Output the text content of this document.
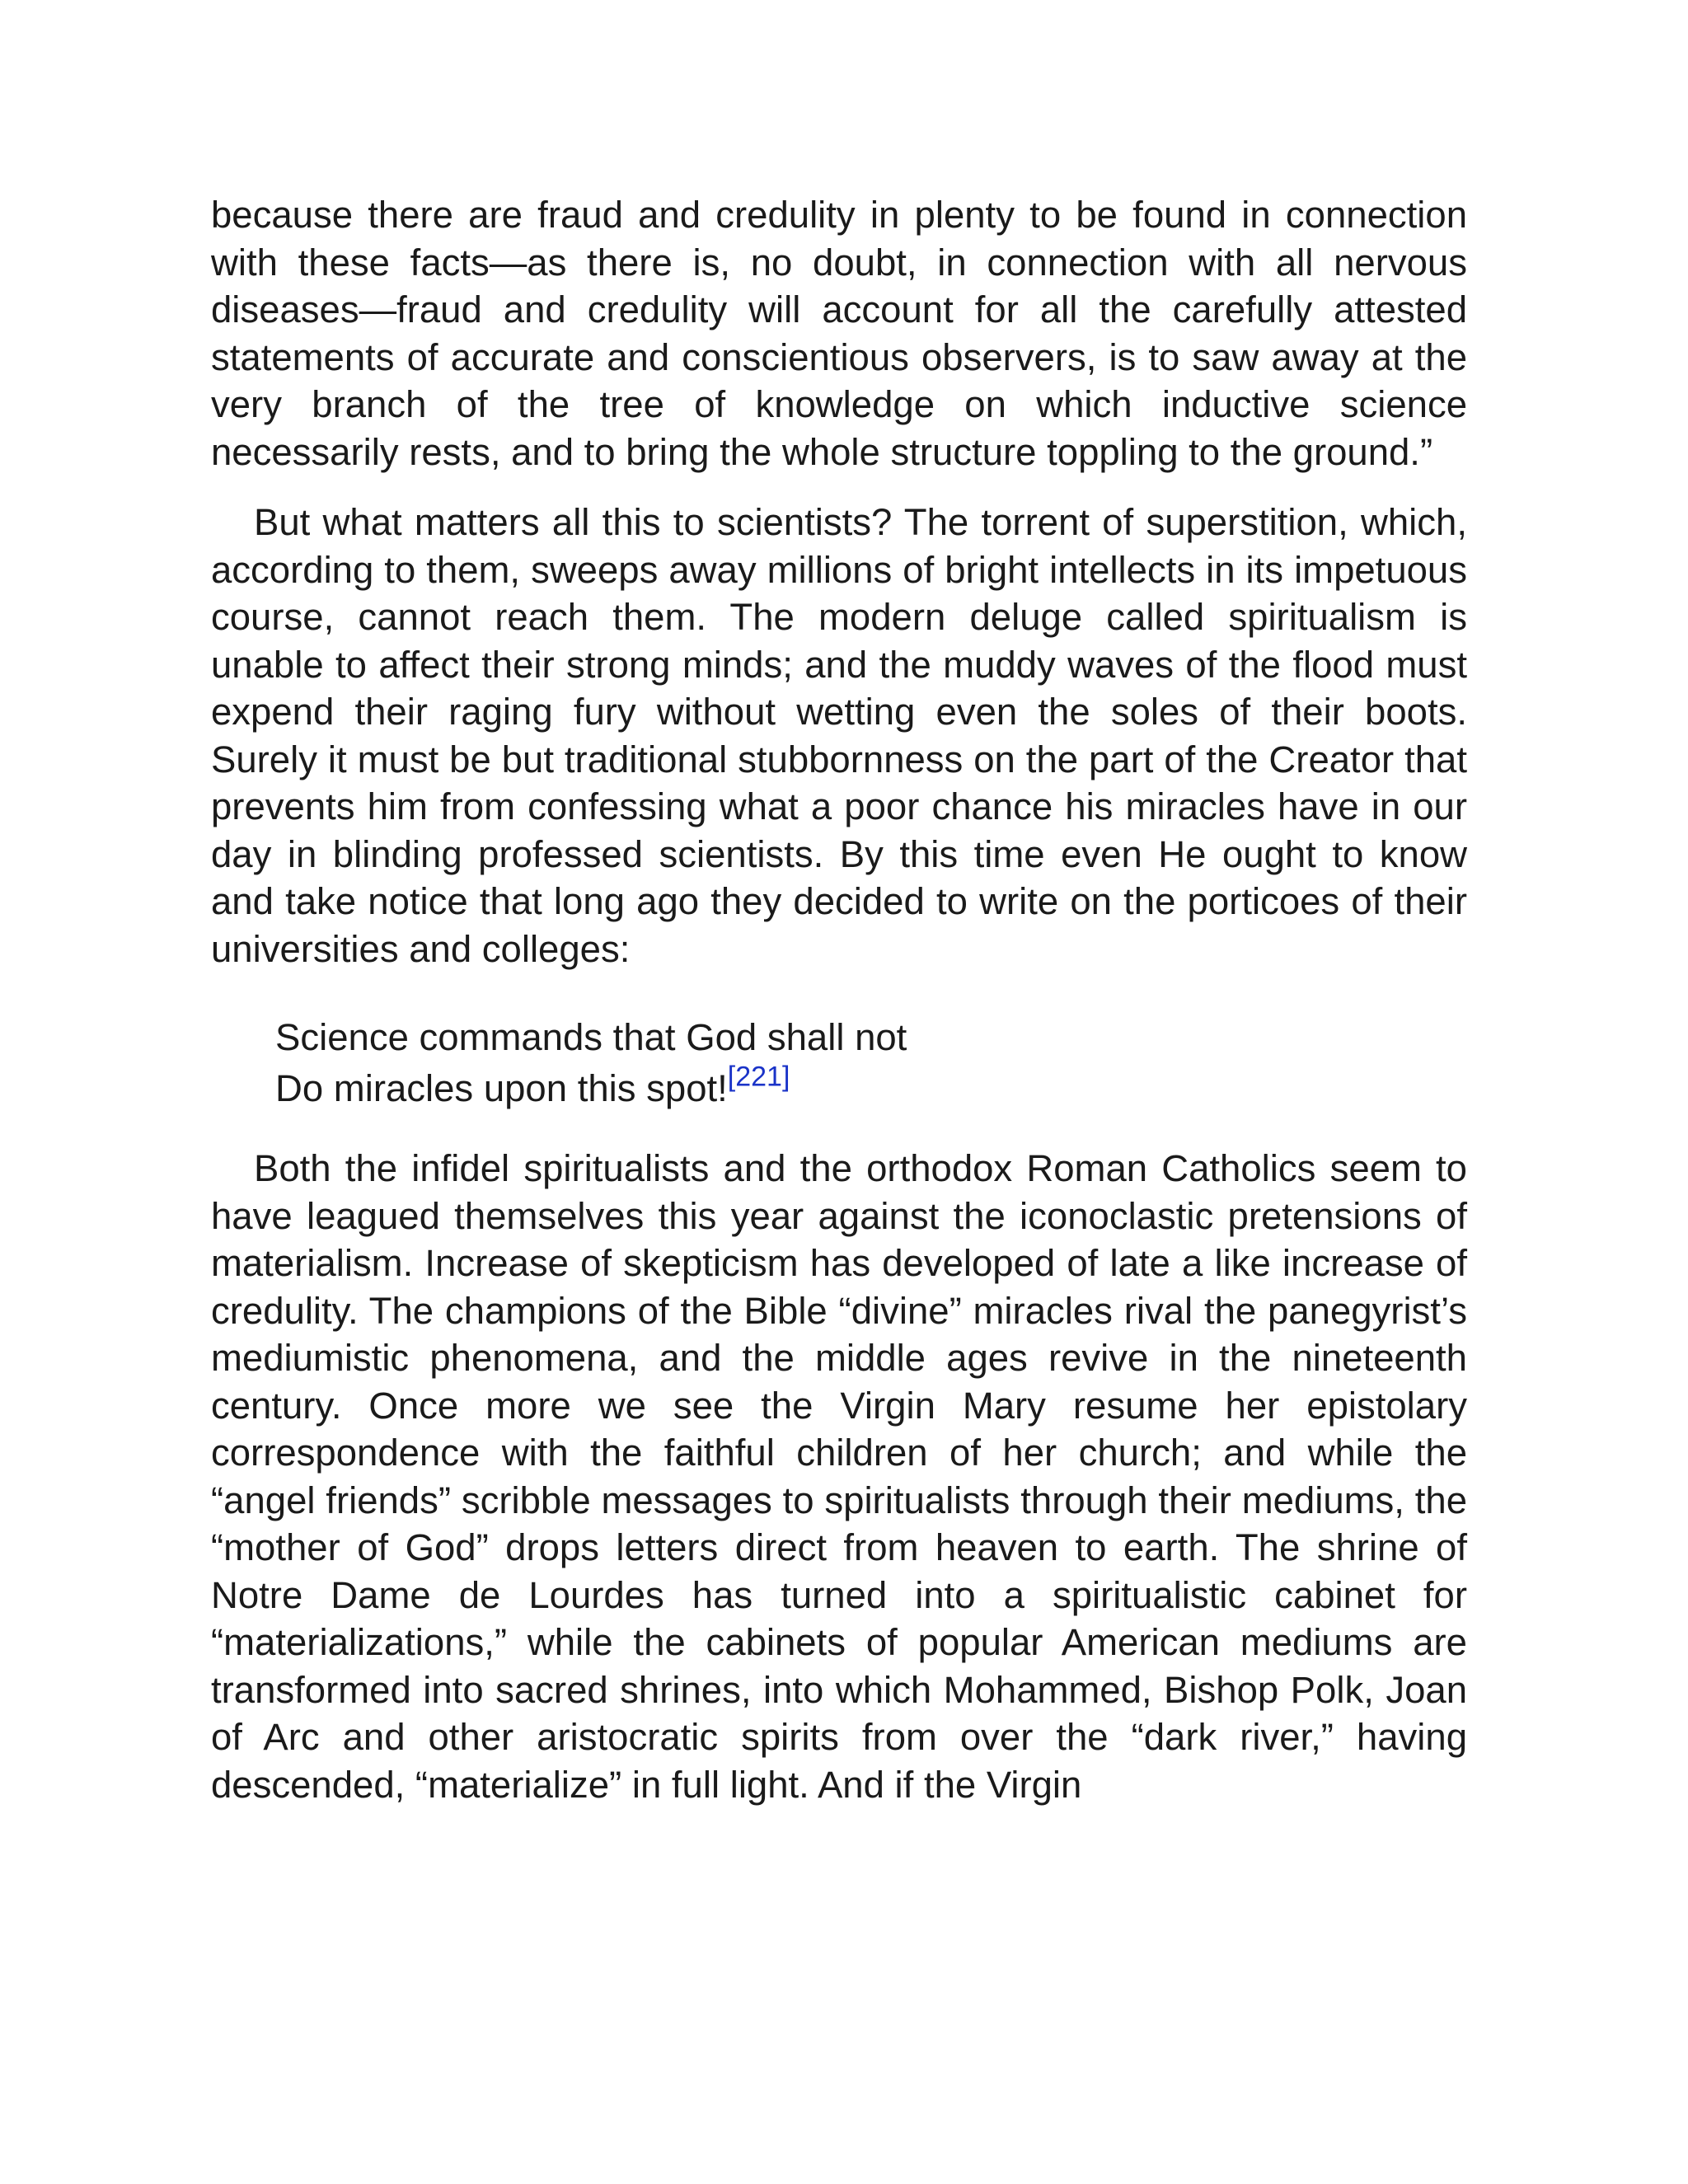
because there are fraud and credulity in plenty to be found in connection with these facts—as there is, no doubt, in connection with all nervous diseases—fraud and credulity will account for all the carefully attested statements of accurate and conscientious observers, is to saw away at the very branch of the tree of knowledge on which inductive science necessarily rests, and to bring the whole structure toppling to the ground.”

But what matters all this to scientists? The torrent of superstition, which, according to them, sweeps away millions of bright intellects in its impetuous course, cannot reach them. The modern deluge called spiritualism is unable to affect their strong minds; and the muddy waves of the flood must expend their raging fury without wetting even the soles of their boots. Surely it must be but traditional stubbornness on the part of the Creator that prevents him from confessing what a poor chance his miracles have in our day in blinding professed scientists. By this time even He ought to know and take notice that long ago they decided to write on the porticoes of their universities and colleges:

Science commands that God shall not
Do miracles upon this spot![221]

Both the infidel spiritualists and the orthodox Roman Catholics seem to have leagued themselves this year against the iconoclastic pretensions of materialism. Increase of skepticism has developed of late a like increase of credulity. The champions of the Bible “divine” miracles rival the panegyrist’s mediumistic phenomena, and the middle ages revive in the nineteenth century. Once more we see the Virgin Mary resume her epistolary correspondence with the faithful children of her church; and while the “angel friends” scribble messages to spiritualists through their mediums, the “mother of God” drops letters direct from heaven to earth. The shrine of Notre Dame de Lourdes has turned into a spiritualistic cabinet for “materializations,” while the cabinets of popular American mediums are transformed into sacred shrines, into which Mohammed, Bishop Polk, Joan of Arc and other aristocratic spirits from over the “dark river,” having descended, “materialize” in full light. And if the Virgin
